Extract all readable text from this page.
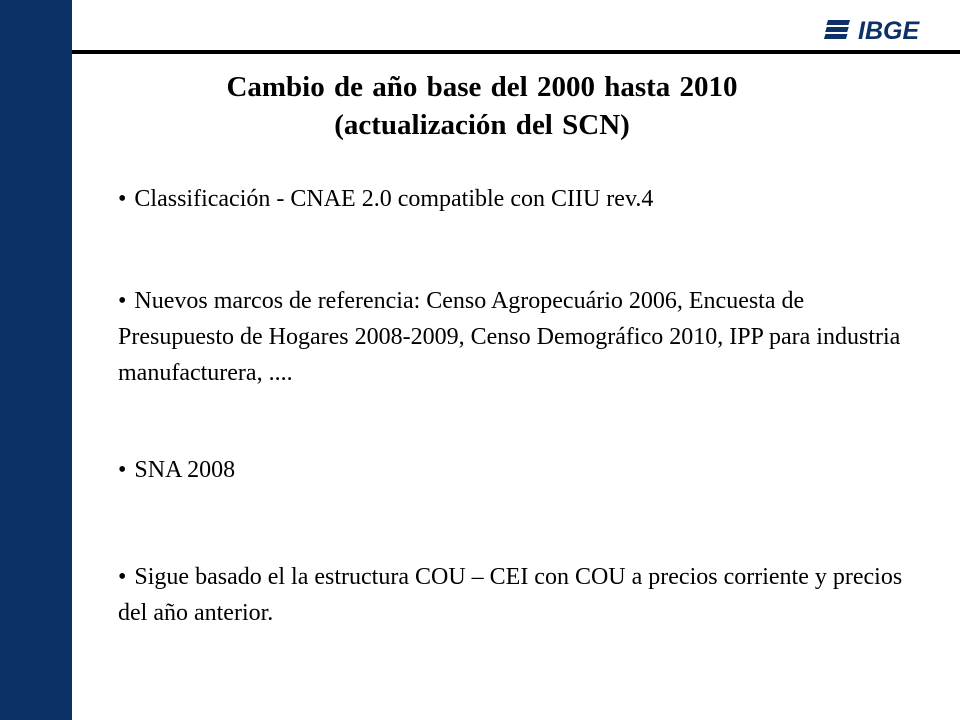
IBGE
Cambio de año base del 2000 hasta 2010
(actualización del SCN)
• Classificación - CNAE 2.0 compatible con CIIU rev.4
• Nuevos marcos de referencia: Censo Agropecuário 2006, Encuesta de Presupuesto de Hogares 2008-2009, Censo Demográfico 2010, IPP para industria manufacturera, ....
• SNA 2008
• Sigue basado el la estructura COU – CEI con COU a precios corriente y precios del año anterior.
